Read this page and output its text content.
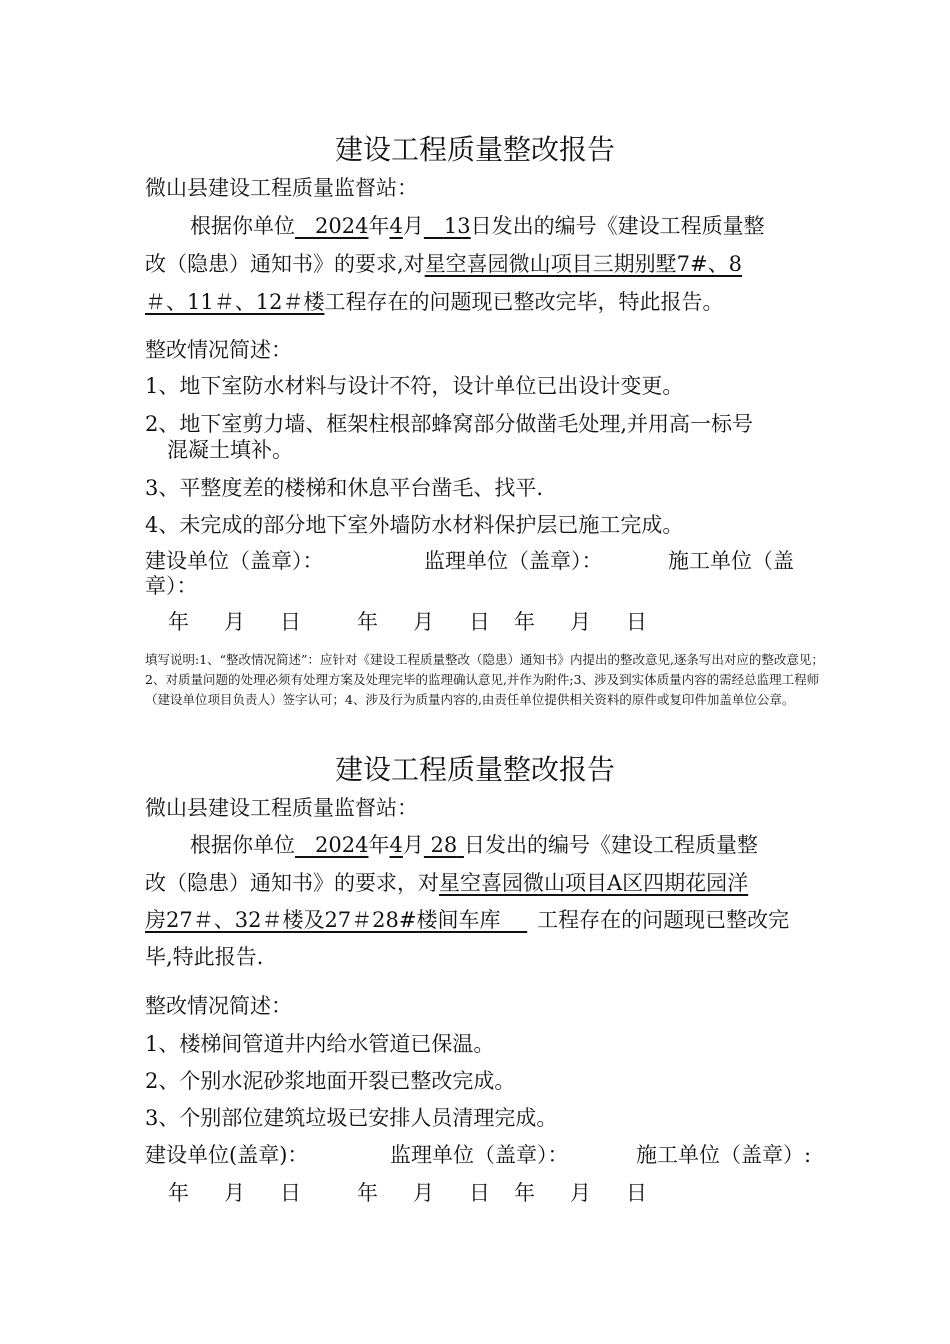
建设工程质量整改报告
微山县建设工程质量监督站：
根据你单位 2024年4月 13日发出的编号《建设工程质量整
改（隐患）通知书》的要求,对星空喜园微山项目三期别墅7#、8
＃、11＃、12＃楼工程存在的问题现已整改完毕，特此报告。
整改情况简述：
1、地下室防水材料与设计不符，设计单位已出设计变更。
2、地下室剪力墙、框架柱根部蜂窝部分做凿毛处理,并用高一标号
混凝土填补。
3、平整度差的楼梯和休息平台凿毛、找平.
4、未完成的部分地下室外墙防水材料保护层已施工完成。
建设单位（盖章）：	监理单位（盖章）：	施工单位（盖
章）：
年 月 日	年 月 日 年 月 日
填写说明:1、“整改情况简述”：应针对《建设工程质量整改（隐患）通知书》内提出的整改意见,逐条写出对应的整改意见；2、对质量问题的处理必须有处理方案及处理完毕的监理确认意见,并作为附件;3、涉及到实体质量内容的需经总监理工程师（建设单位项目负责人）签字认可；4、涉及行为质量内容的,由责任单位提供相关资料的原件或复印件加盖单位公章。
建设工程质量整改报告
微山县建设工程质量监督站：
根据你单位 2024年4月 28 日发出的编号《建设工程质量整
改（隐患）通知书》的要求，对星空喜园微山项目A区四期花园洋
房27＃、32＃楼及27＃28#楼间车库 工程存在的问题现已整改完
毕,特此报告.
整改情况简述：
1、楼梯间管道井内给水管道已保温。
2、个别水泥砂浆地面开裂已整改完成。
3、个别部位建筑垃圾已安排人员清理完成。
建设单位(盖章)：	监理单位（盖章）：	施工单位（盖章）:
年 月 日	年 月 日 年 月 日
